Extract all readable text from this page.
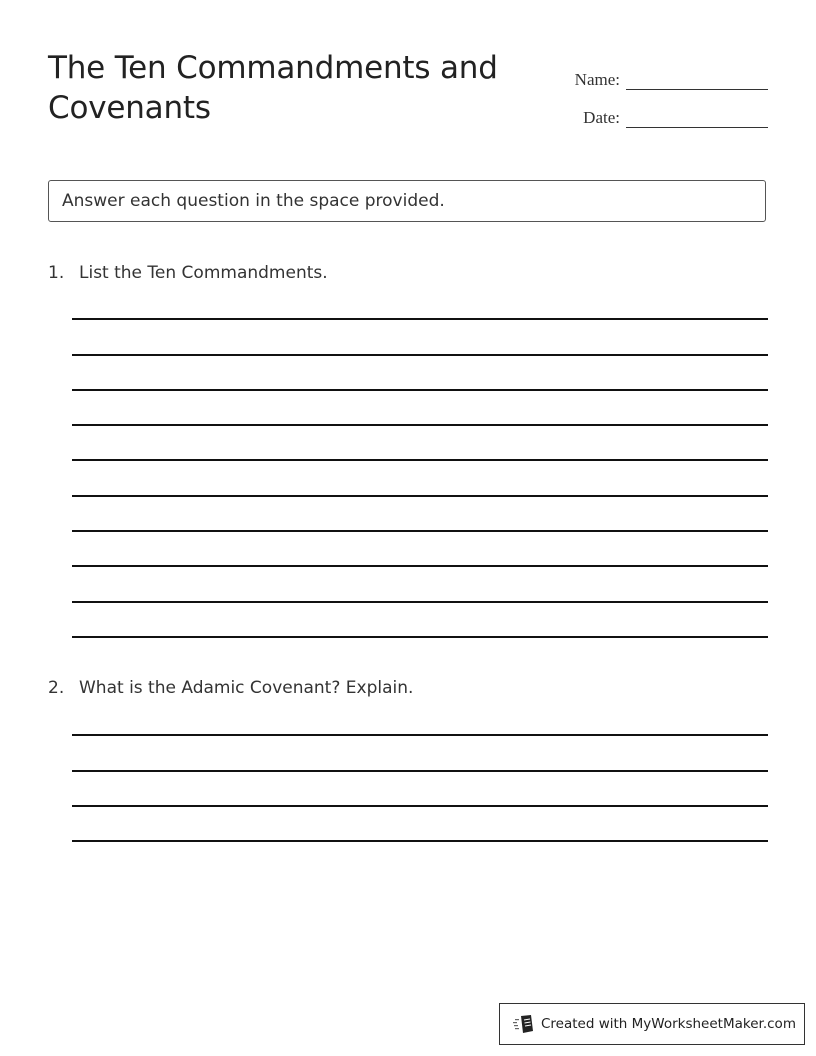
The Ten Commandments and Covenants
Name:
Date:
Answer each question in the space provided.
1. List the Ten Commandments.
2. What is the Adamic Covenant? Explain.
Created with MyWorksheetMaker.com
